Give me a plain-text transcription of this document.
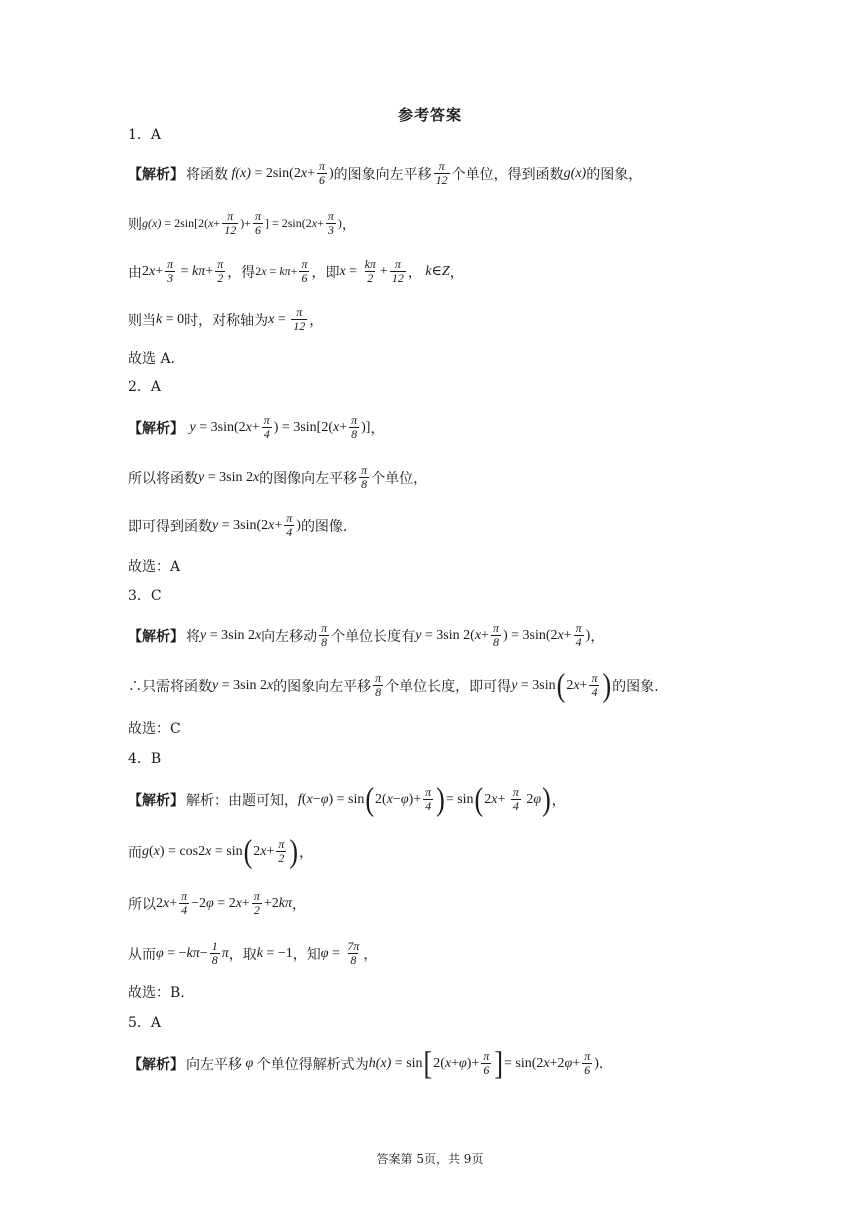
参考答案
1．A
【解析】 将函数 f(x) = 2sin(2 $x + \frac{\pi}{6}$ ) 的图象向左平移 $\frac{\pi}{12}$ 个单位，得到函数 g(x) 的图象，
则 g(x) = 2sin[2( $x + \frac{\pi}{12}$ )+ $\frac{\pi}{6}$ ] = 2sin(2 $x + \frac{\pi}{3}$ ) ，
由 2 $x + \frac{\pi}{3} = k\pi + \frac{\pi}{2}$ ，得 2 $x = k\pi + \frac{\pi}{6}$ ，即 $x = \frac{k\pi}{2} + \frac{\pi}{12}$ ， k ∈ Z ，
则当 k = 0 时，对称轴为 $x = \frac{\pi}{12}$ ，
故选 A.
2．A
【解析】 y = 3sin(2 $x + \frac{\pi}{4}$ ) = 3sin[2( $x + \frac{\pi}{8}$ )] ，
所以将函数 y = 3sin 2 x 的图像向左平移 $\frac{\pi}{8}$ 个单位，
即可得到函数 y = 3sin(2 $x + \frac{\pi}{4}$ ) 的图像.
故选：A
3．C
【解析】 将 y = 3sin 2 x 向左移动 $\frac{\pi}{8}$ 个单位长度有 y = 3sin 2( $x + \frac{\pi}{8}$ ) = 3sin(2 $x + \frac{\pi}{4}$ ) ，
∴只需将函数 y = 3sin 2 x 的图象向左平移 $\frac{\pi}{8}$ 个单位长度，即可得 y = 3sin ( 2 $x + \frac{\pi}{4}$ ) 的图象.
故选：C
4．B
【解析】 解析：由题可知， f ( x − φ ) = sin ( 2( x − φ )+ $\frac{\pi}{4}$ ) = sin ( 2 $x + \frac{\pi}{4} 2$ φ ) ，
而 g ( x ) = cos2 x = sin ( 2 $x + \frac{\pi}{2}$ ) ，
所以 2 $x + \frac{\pi}{4} -2$ φ = 2 $x + \frac{\pi}{2} +2$ kπ ，
从而 φ = − $k\pi - \frac{1}{8}$ π ，取 k = −1 ，知 $\varphi = \frac{7\pi}{8}$ ，
故选：B.
5．A
【解析】 向左平移 φ 个单位得解析式为 h(x) = sin [ 2( x + φ )+ $\frac{\pi}{6}$ ] = sin(2 x +2 $\varphi + \frac{\pi}{6}$ ) .
答案第 5页，共 9页
